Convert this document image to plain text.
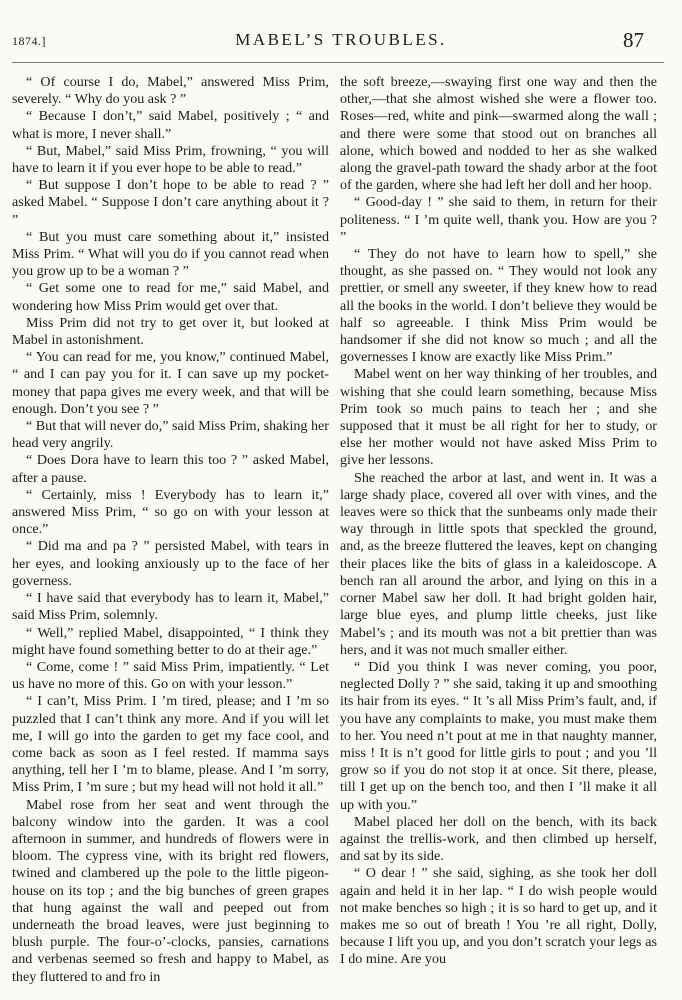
1874.]	MABEL’S TROUBLES.	87

“ Of course I do, Mabel,” answered Miss Prim, severely. “ Why do you ask ? ”

“ Because I don’t,” said Mabel, positively ; “ and what is more, I never shall.”

“ But, Mabel,” said Miss Prim, frowning, “ you will have to learn it if you ever hope to be able to read.”

“ But suppose I don’t hope to be able to read ? ” asked Mabel. “ Suppose I don’t care anything about it ? ”

“ But you must care something about it,” insisted Miss Prim. “ What will you do if you cannot read when you grow up to be a woman ? ”

“ Get some one to read for me,” said Mabel, and wondering how Miss Prim would get over that.

Miss Prim did not try to get over it, but looked at Mabel in astonishment.

“ You can read for me, you know,” continued Mabel, “ and I can pay you for it. I can save up my pocket-money that papa gives me every week, and that will be enough. Don’t you see ? ”

“ But that will never do,” said Miss Prim, shaking her head very angrily.

“ Does Dora have to learn this too ? ” asked Mabel, after a pause.

“ Certainly, miss ! Everybody has to learn it,” answered Miss Prim, “ so go on with your lesson at once.”

“ Did ma and pa ? ” persisted Mabel, with tears in her eyes, and looking anxiously up to the face of her governess.

“ I have said that everybody has to learn it, Mabel,” said Miss Prim, solemnly.

“ Well,” replied Mabel, disappointed, “ I think they might have found something better to do at their age.”

“ Come, come ! ” said Miss Prim, impatiently. “ Let us have no more of this. Go on with your lesson.”

“ I can’t, Miss Prim. I ’m tired, please; and I ’m so puzzled that I can’t think any more. And if you will let me, I will go into the garden to get my face cool, and come back as soon as I feel rested. If mamma says anything, tell her I ’m to blame, please. And I ’m sorry, Miss Prim, I ’m sure ; but my head will not hold it all.”

Mabel rose from her seat and went through the balcony window into the garden. It was a cool afternoon in summer, and hundreds of flowers were in bloom. The cypress vine, with its bright red flowers, twined and clambered up the pole to the little pigeon-house on its top ; and the big bunches of green grapes that hung against the wall and peeped out from underneath the broad leaves, were just beginning to blush purple. The four-o’-clocks, pansies, carnations and verbenas seemed so fresh and happy to Mabel, as they fluttered to and fro in

the soft breeze,—swaying first one way and then the other,—that she almost wished she were a flower too. Roses—red, white and pink—swarmed along the wall ; and there were some that stood out on branches all alone, which bowed and nodded to her as she walked along the gravel-path toward the shady arbor at the foot of the garden, where she had left her doll and her hoop.

“ Good-day ! ” she said to them, in return for their politeness. “ I ’m quite well, thank you. How are you ? ”

“ They do not have to learn how to spell,” she thought, as she passed on. “ They would not look any prettier, or smell any sweeter, if they knew how to read all the books in the world. I don’t believe they would be half so agreeable. I think Miss Prim would be handsomer if she did not know so much ; and all the governesses I know are exactly like Miss Prim.”

Mabel went on her way thinking of her troubles, and wishing that she could learn something, because Miss Prim took so much pains to teach her ; and she supposed that it must be all right for her to study, or else her mother would not have asked Miss Prim to give her lessons.

She reached the arbor at last, and went in. It was a large shady place, covered all over with vines, and the leaves were so thick that the sunbeams only made their way through in little spots that speckled the ground, and, as the breeze fluttered the leaves, kept on changing their places like the bits of glass in a kaleidoscope. A bench ran all around the arbor, and lying on this in a corner Mabel saw her doll. It had bright golden hair, large blue eyes, and plump little cheeks, just like Mabel’s ; and its mouth was not a bit prettier than was hers, and it was not much smaller either.

“ Did you think I was never coming, you poor, neglected Dolly ? ” she said, taking it up and smoothing its hair from its eyes. “ It ’s all Miss Prim’s fault, and, if you have any complaints to make, you must make them to her. You need n’t pout at me in that naughty manner, miss ! It is n’t good for little girls to pout ; and you ’ll grow so if you do not stop it at once. Sit there, please, till I get up on the bench too, and then I ’ll make it all up with you.”

Mabel placed her doll on the bench, with its back against the trellis-work, and then climbed up herself, and sat by its side.

“ O dear ! ” she said, sighing, as she took her doll again and held it in her lap. “ I do wish people would not make benches so high ; it is so hard to get up, and it makes me so out of breath ! You ’re all right, Dolly, because I lift you up, and you don’t scratch your legs as I do mine. Are you
